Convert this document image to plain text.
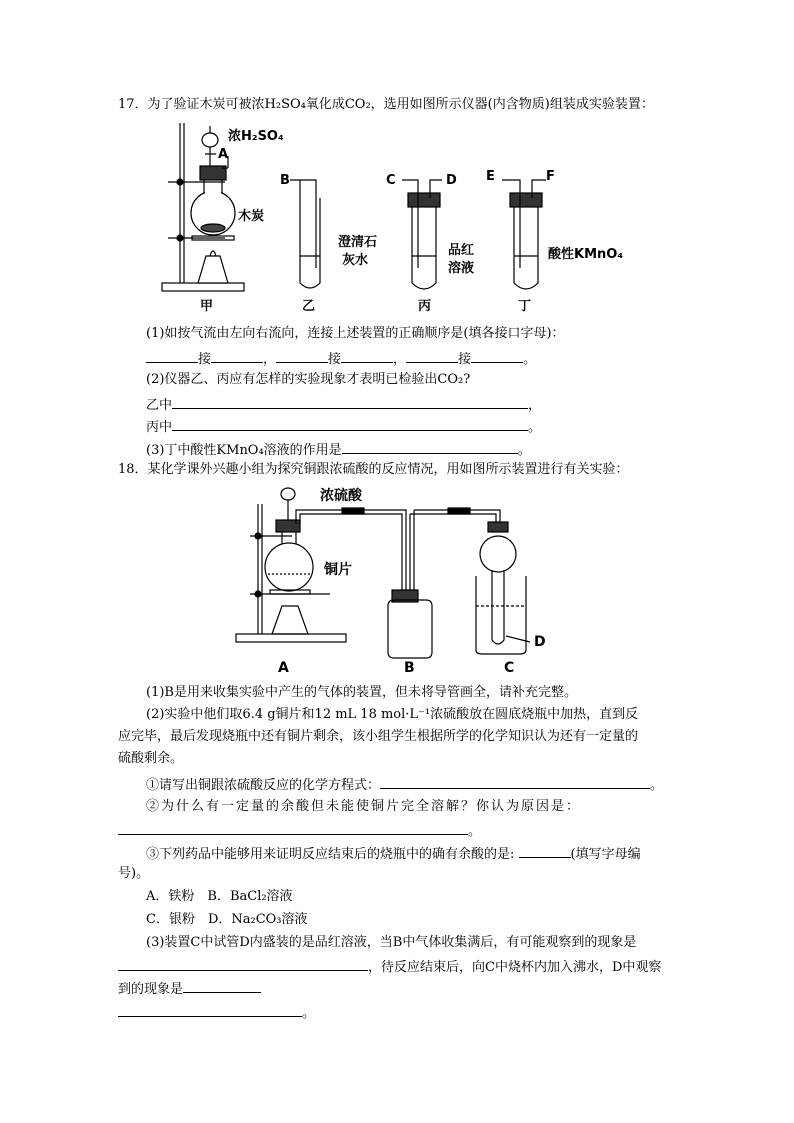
17．为了验证木炭可被浓H₂SO₄氧化成CO₂，选用如图所示仪器(内含物质)组装成实验装置：
浓H₂SO₄
A
木炭
甲
B
澄清石
灰水
乙
C	D
品红
溶液
丙
E	F
酸性KMnO₄
丁
(1)如按气流由左向右流向，连接上述装置的正确顺序是(填各接口字母)：
接	，	接	，	接	。
(2)仪器乙、丙应有怎样的实验现象才表明已检验出CO₂?
乙中	，
丙中	。
(3)丁中酸性KMnO₄溶液的作用是	。
18．某化学课外兴趣小组为探究铜跟浓硫酸的反应情况，用如图所示装置进行有关实验：
浓硫酸
铜片
A	B	C
D
(1)B是用来收集实验中产生的气体的装置，但未将导管画全，请补充完整。
(2)实验中他们取6.4 g铜片和12 mL 18 mol·L⁻¹浓硫酸放在圆底烧瓶中加热，直到反
应完毕，最后发现烧瓶中还有铜片剩余，该小组学生根据所学的化学知识认为还有一定量的
硫酸剩余。
①请写出铜跟浓硫酸反应的化学方程式：	。
②为什么有一定量的余酸但未能使铜片完全溶解？你认为原因是：
。
③下列药品中能够用来证明反应结束后的烧瓶中的确有余酸的是:	(填写字母编
号)。
A．铁粉　B．BaCl₂溶液
C．银粉　D．Na₂CO₃溶液
(3)装置C中试管D内盛装的是品红溶液，当B中气体收集满后，有可能观察到的现象是
，待反应结束后，向C中烧杯内加入沸水，D中观察
到的现象是
。
